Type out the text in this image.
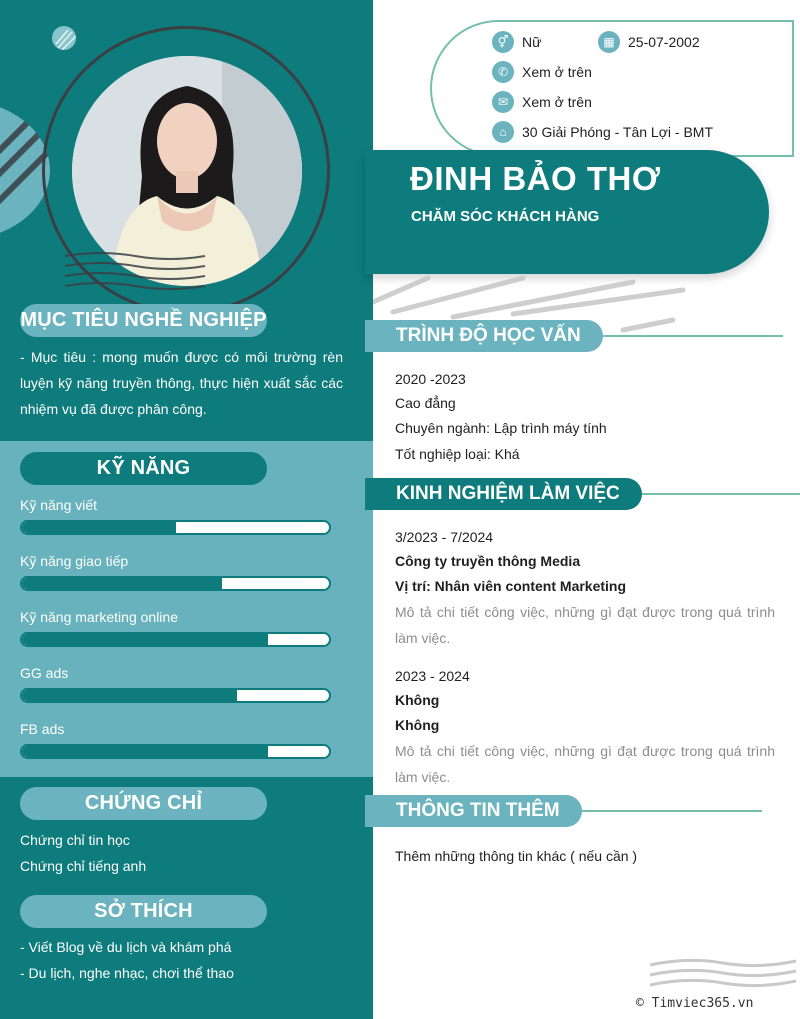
MỤC TIÊU NGHỀ NGHIỆP
- Mục tiêu : mong muốn được có môi trường rèn luyện kỹ năng truyền thông, thực hiện xuất sắc các nhiệm vụ đã được phân công.
KỸ NĂNG
Kỹ năng viết
Kỹ năng giao tiếp
Kỹ năng marketing online
GG ads
FB ads
CHỨNG CHỈ
Chứng chỉ tin học
Chứng chỉ tiếng anh
SỞ THÍCH
- Viết Blog về du lịch và khám phá
- Du lịch, nghe nhạc, chơi thể thao
⚥ Nữ	▦ 25-07-2002
✆ Xem ở trên
✉ Xem ở trên
⌂	30 Giải Phóng - Tân Lợi - BMT
ĐINH BẢO THƠ
CHĂM SÓC KHÁCH HÀNG
TRÌNH ĐỘ HỌC VẤN
2020 -2023
Cao đẳng
Chuyên ngành: Lập trình máy tính
Tốt nghiệp loại: Khá
KINH NGHIỆM LÀM VIỆC
3/2023 - 7/2024
Công ty truyền thông Media
Vị trí: Nhân viên content Marketing
Mô tả chi tiết công việc, những gì đạt được trong quá trình làm việc.
2023 - 2024
Không
Không
Mô tả chi tiết công việc, những gì đạt được trong quá trình làm việc.
THÔNG TIN THÊM
Thêm những thông tin khác ( nếu cần )
© Timviec365.vn
